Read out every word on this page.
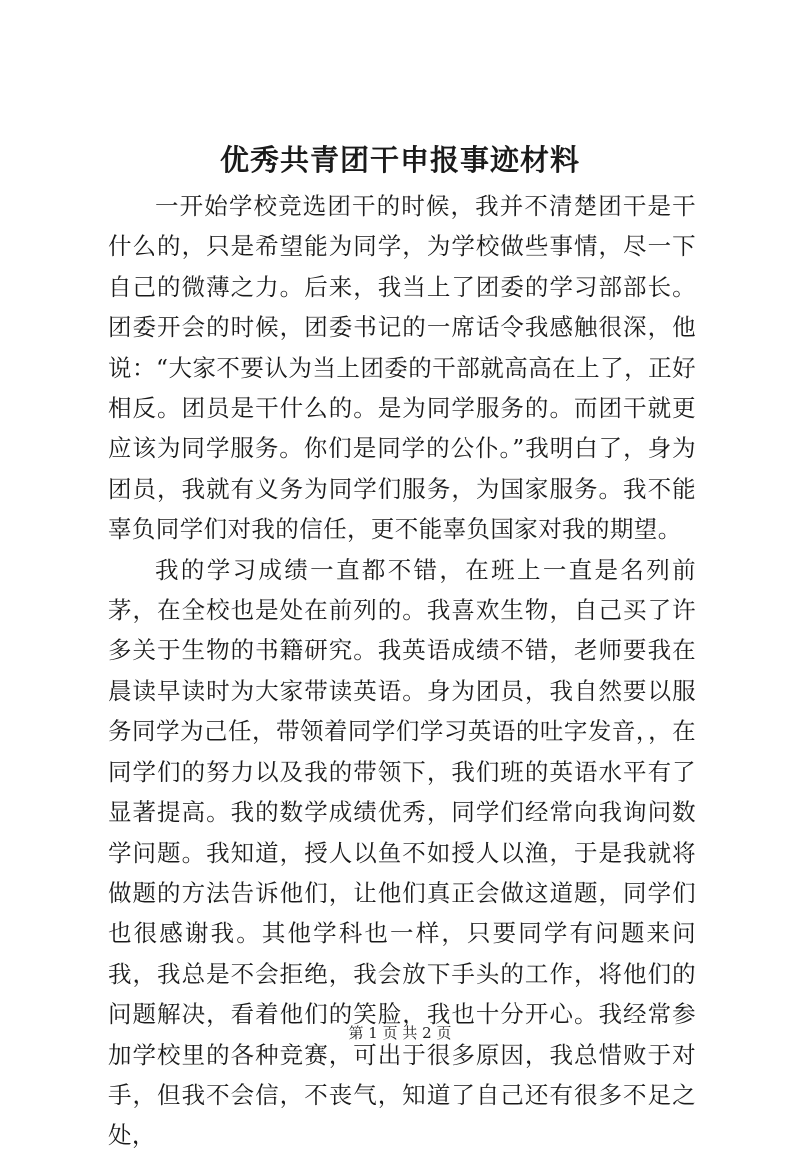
优秀共青团干申报事迹材料

一开始学校竞选团干的时候，我并不清楚团干是干什么的，只是希望能为同学，为学校做些事情，尽一下自己的微薄之力。后来，我当上了团委的学习部部长。团委开会的时候，团委书记的一席话令我感触很深，他说：“大家不要认为当上团委的干部就高高在上了，正好相反。团员是干什么的。是为同学服务的。而团干就更应该为同学服务。你们是同学的公仆。”我明白了，身为团员，我就有义务为同学们服务，为国家服务。我不能辜负同学们对我的信任，更不能辜负国家对我的期望。

我的学习成绩一直都不错，在班上一直是名列前茅，在全校也是处在前列的。我喜欢生物，自己买了许多关于生物的书籍研究。我英语成绩不错，老师要我在晨读早读时为大家带读英语。身为团员，我自然要以服务同学为己任，带领着同学们学习英语的吐字发音，，在同学们的努力以及我的带领下，我们班的英语水平有了显著提高。我的数学成绩优秀，同学们经常向我询问数学问题。我知道，授人以鱼不如授人以渔，于是我就将做题的方法告诉他们，让他们真正会做这道题，同学们也很感谢我。其他学科也一样，只要同学有问题来问我，我总是不会拒绝，我会放下手头的工作，将他们的问题解决，看着他们的笑脸，我也十分开心。我经常参加学校里的各种竞赛，可出于很多原因，我总惜败于对手，但我不会信，不丧气，知道了自己还有很多不足之处，

第 1 页 共 2 页
